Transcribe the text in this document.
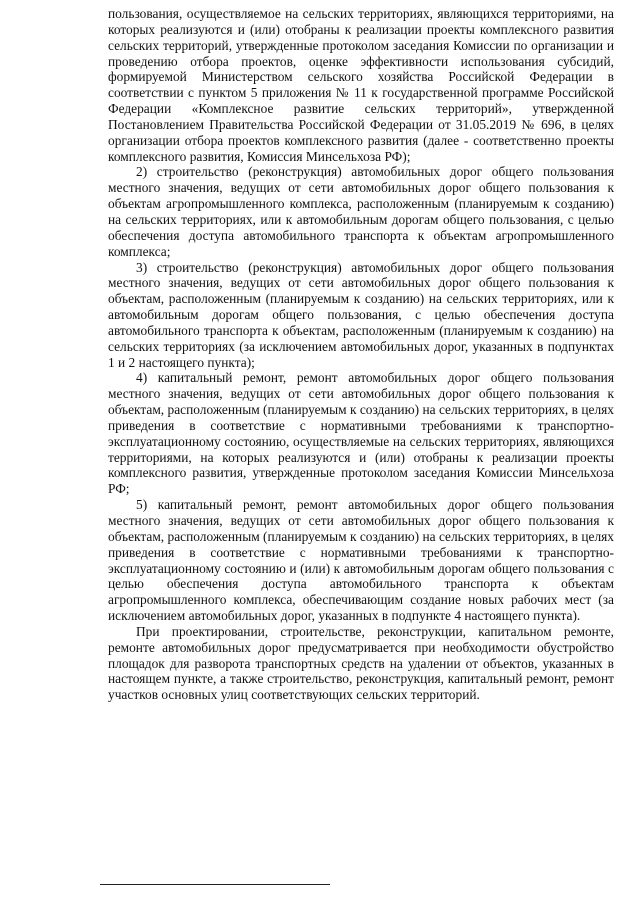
пользования, осуществляемое на сельских территориях, являющихся территориями, на которых реализуются и (или) отобраны к реализации проекты комплексного развития сельских территорий, утвержденные протоколом заседания Комиссии по организации и проведению отбора проектов, оценке эффективности использования субсидий, формируемой Министерством сельского хозяйства Российской Федерации в соответствии с пунктом 5 приложения № 11 к государственной программе Российской Федерации «Комплексное развитие сельских территорий», утвержденной Постановлением Правительства Российской Федерации от 31.05.2019 № 696, в целях организации отбора проектов комплексного развития (далее - соответственно проекты комплексного развития, Комиссия Минсельхоза РФ);

2) строительство (реконструкция) автомобильных дорог общего пользования местного значения, ведущих от сети автомобильных дорог общего пользования к объектам агропромышленного комплекса, расположенным (планируемым к созданию) на сельских территориях, или к автомобильным дорогам общего пользования, с целью обеспечения доступа автомобильного транспорта к объектам агропромышленного комплекса;

3) строительство (реконструкция) автомобильных дорог общего пользования местного значения, ведущих от сети автомобильных дорог общего пользования к объектам, расположенным (планируемым к созданию) на сельских территориях, или к автомобильным дорогам общего пользования, с целью обеспечения доступа автомобильного транспорта к объектам, расположенным (планируемым к созданию) на сельских территориях (за исключением автомобильных дорог, указанных в подпунктах 1 и 2 настоящего пункта);

4) капитальный ремонт, ремонт автомобильных дорог общего пользования местного значения, ведущих от сети автомобильных дорог общего пользования к объектам, расположенным (планируемым к созданию) на сельских территориях, в целях приведения в соответствие с нормативными требованиями к транспортно-эксплуатационному состоянию, осуществляемые на сельских территориях, являющихся территориями, на которых реализуются и (или) отобраны к реализации проекты комплексного развития, утвержденные протоколом заседания Комиссии Минсельхоза РФ;

5) капитальный ремонт, ремонт автомобильных дорог общего пользования местного значения, ведущих от сети автомобильных дорог общего пользования к объектам, расположенным (планируемым к созданию) на сельских территориях, в целях приведения в соответствие с нормативными требованиями к транспортно-эксплуатационному состоянию и (или) к автомобильным дорогам общего пользования с целью обеспечения доступа автомобильного транспорта к объектам агропромышленного комплекса, обеспечивающим создание новых рабочих мест (за исключением автомобильных дорог, указанных в подпункте 4 настоящего пункта).

При проектировании, строительстве, реконструкции, капитальном ремонте, ремонте автомобильных дорог предусматривается при необходимости обустройство площадок для разворота транспортных средств на удалении от объектов, указанных в настоящем пункте, а также строительство, реконструкция, капитальный ремонт, ремонт участков основных улиц соответствующих сельских территорий.
